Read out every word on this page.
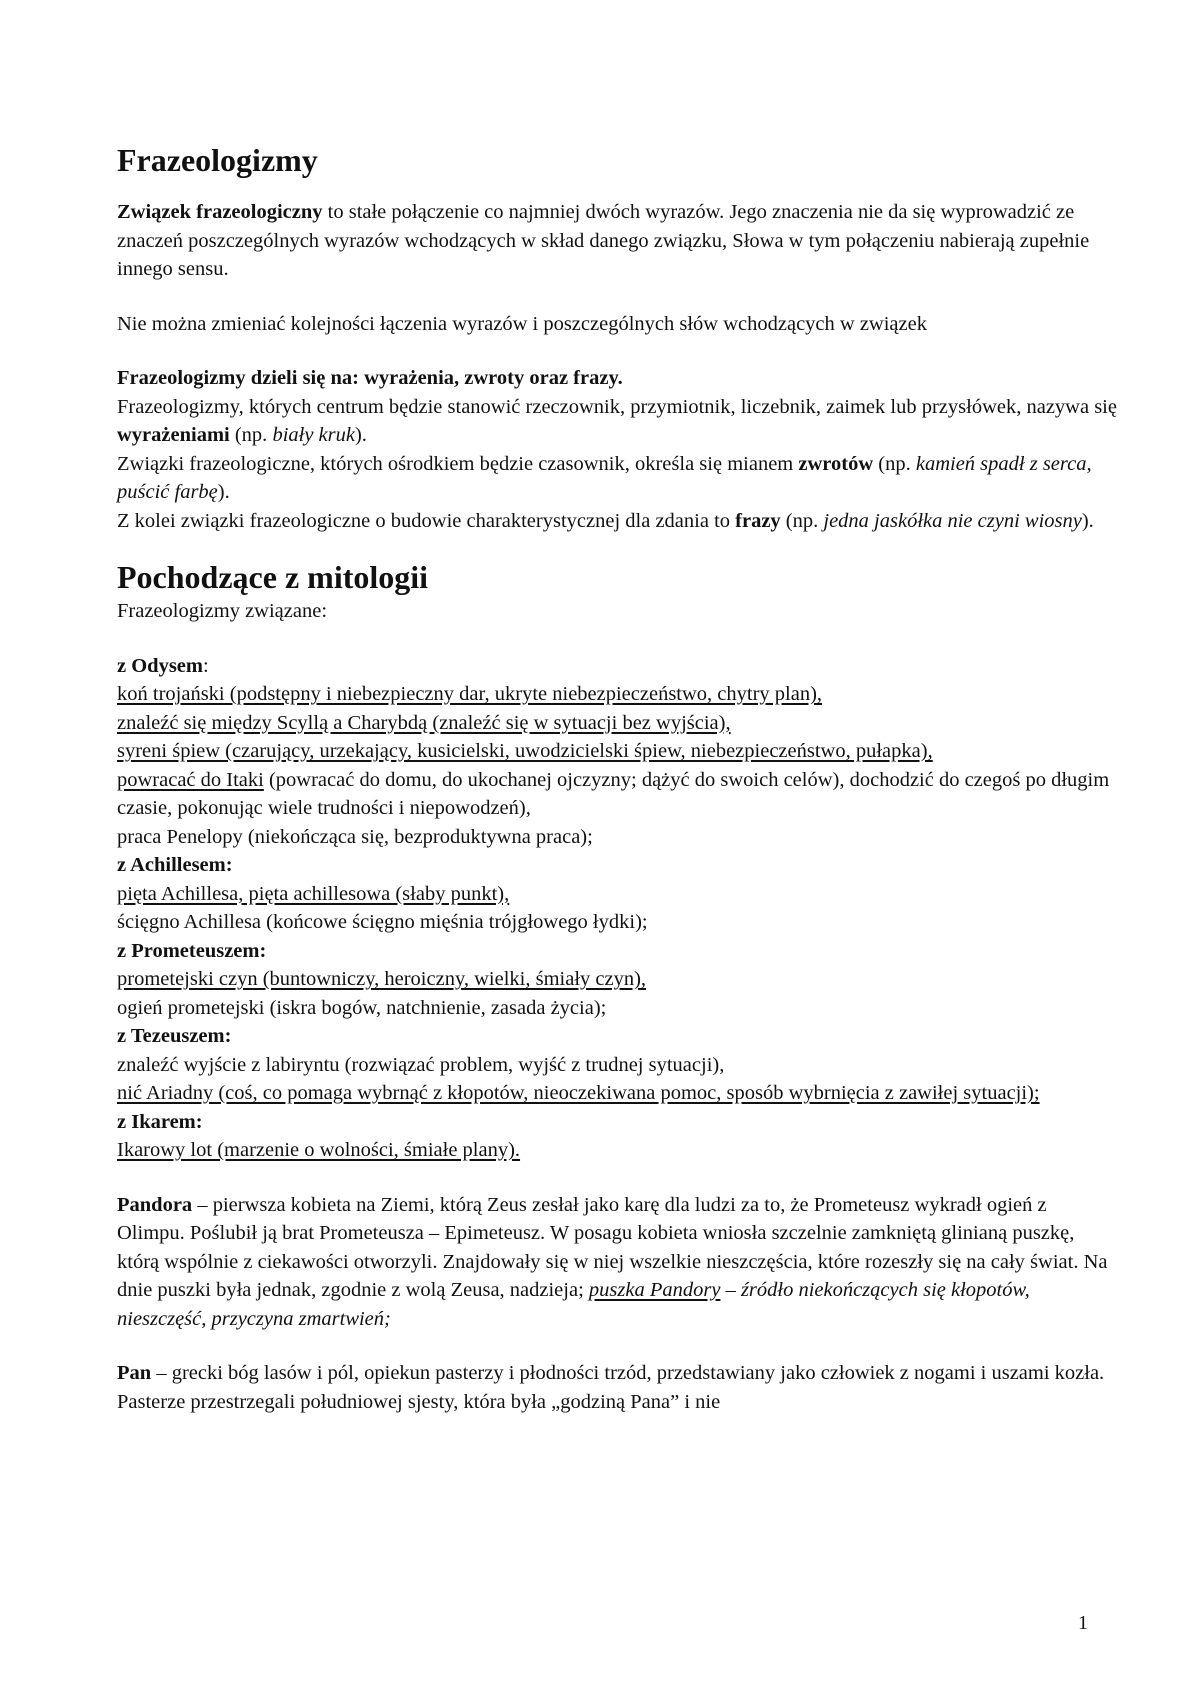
Frazeologizmy

Związek frazeologiczny to stałe połączenie co najmniej dwóch wyrazów. Jego znaczenia nie da się wyprowadzić ze znaczeń poszczególnych wyrazów wchodzących w skład danego związku, Słowa w tym połączeniu nabierają zupełnie innego sensu.

Nie można zmieniać kolejności łączenia wyrazów i poszczególnych słów wchodzących w związek

Frazeologizmy dzieli się na: wyrażenia, zwroty oraz frazy.

Frazeologizmy, których centrum będzie stanowić rzeczownik, przymiotnik, liczebnik, zaimek lub przysłówek, nazywa się wyrażeniami (np. biały kruk).

Związki frazeologiczne, których ośrodkiem będzie czasownik, określa się mianem zwrotów (np. kamień spadł z serca, puścić farbę).

Z kolei związki frazeologiczne o budowie charakterystycznej dla zdania to frazy (np. jedna jaskółka nie czyni wiosny).

Pochodzące z mitologii

Frazeologizmy związane:

z Odysem:

koń trojański (podstępny i niebezpieczny dar, ukryte niebezpieczeństwo, chytry plan),

znaleźć się między Scyllą a Charybdą (znaleźć się w sytuacji bez wyjścia),

syreni śpiew (czarujący, urzekający, kusicielski, uwodzicielski śpiew, niebezpieczeństwo, pułapka),

powracać do Itaki (powracać do domu, do ukochanej ojczyzny; dążyć do swoich celów), dochodzić do czegoś po długim czasie, pokonując wiele trudności i niepowodzeń),

praca Penelopy (niekończąca się, bezproduktywna praca);

z Achillesem:

pięta Achillesa, pięta achillesowa (słaby punkt),

ścięgno Achillesa (końcowe ścięgno mięśnia trójgłowego łydki);

z Prometeuszem:

prometejski czyn (buntowniczy, heroiczny, wielki, śmiały czyn),

ogień prometejski (iskra bogów, natchnienie, zasada życia);

z Tezeuszem:

znaleźć wyjście z labiryntu (rozwiązać problem, wyjść z trudnej sytuacji),

nić Ariadny (coś, co pomaga wybrnąć z kłopotów, nieoczekiwana pomoc, sposób wybrnięcia z zawiłej sytuacji);

z Ikarem:

Ikarowy lot (marzenie o wolności, śmiałe plany).

Pandora – pierwsza kobieta na Ziemi, którą Zeus zesłał jako karę dla ludzi za to, że Prometeusz wykradł ogień z Olimpu. Poślubił ją brat Prometeusza – Epimeteusz. W posagu kobieta wniosła szczelnie zamkniętą glinianą puszkę, którą wspólnie z ciekawości otworzyli. Znajdowały się w niej wszelkie nieszczęścia, które rozeszły się na cały świat. Na dnie puszki była jednak, zgodnie z wolą Zeusa, nadzieja; puszka Pandory – źródło niekończących się kłopotów, nieszczęść, przyczyna zmartwień;

Pan – grecki bóg lasów i pól, opiekun pasterzy i płodności trzód, przedstawiany jako człowiek z nogami i uszami kozła. Pasterze przestrzegali południowej sjesty, która była „godziną Pana” i nie

1
